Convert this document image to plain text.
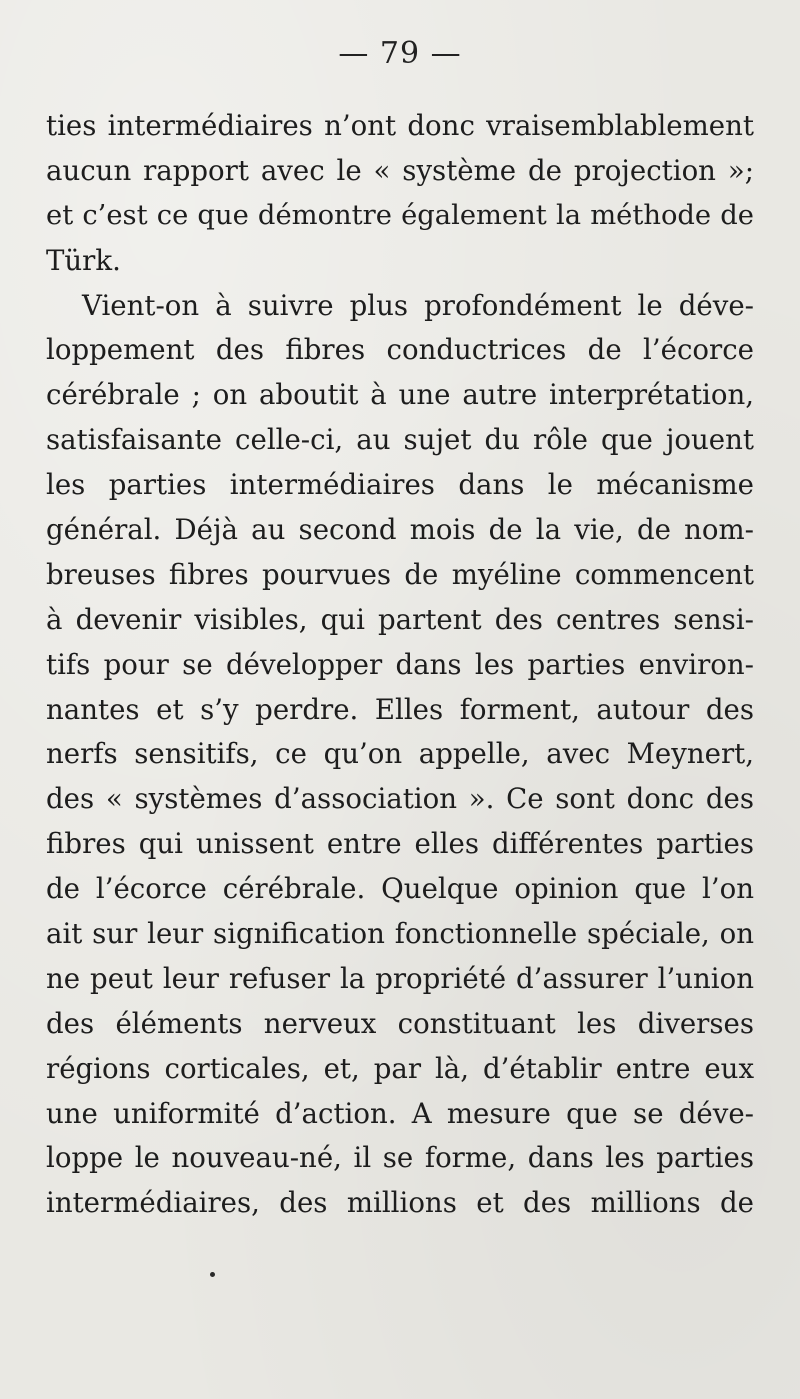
— 79 —
ties intermédiaires n’ont donc vraisemblablement
aucun rapport avec le « système de projection »;
et c’est ce que démontre également la méthode de
Türk.
Vient-on à suivre plus profondément le déve-
loppement des fibres conductrices de l’écorce
cérébrale ; on aboutit à une autre interprétation,
satisfaisante celle-ci, au sujet du rôle que jouent
les parties intermédiaires dans le mécanisme
général. Déjà au second mois de la vie, de nom-
breuses fibres pourvues de myéline commencent
à devenir visibles, qui partent des centres sensi-
tifs pour se développer dans les parties environ-
nantes et s’y perdre. Elles forment, autour des
nerfs sensitifs, ce qu’on appelle, avec Meynert,
des « systèmes d’association ». Ce sont donc des
fibres qui unissent entre elles différentes parties
de l’écorce cérébrale. Quelque opinion que l’on
ait sur leur signification fonctionnelle spéciale, on
ne peut leur refuser la propriété d’assurer l’union
des éléments nerveux constituant les diverses
régions corticales, et, par là, d’établir entre eux
une uniformité d’action. A mesure que se déve-
loppe le nouveau-né, il se forme, dans les parties
intermédiaires, des millions et des millions de
